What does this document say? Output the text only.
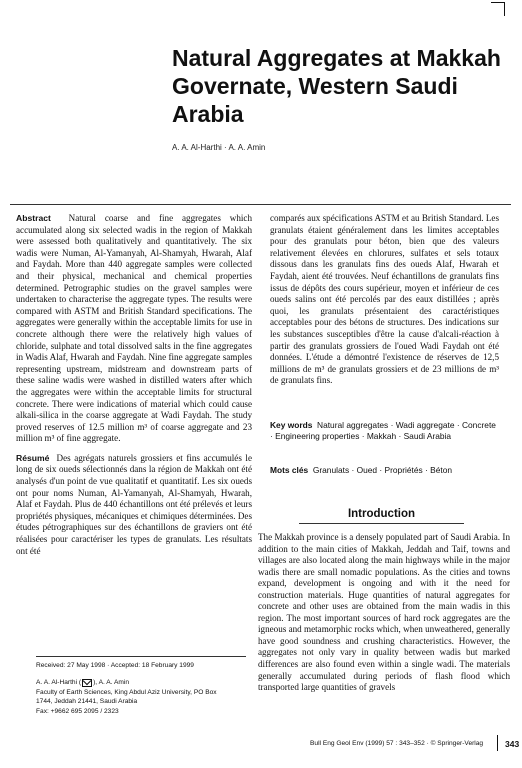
Natural Aggregates at Makkah Governate, Western Saudi Arabia
A. A. Al-Harthi · A. A. Amin

Abstract Natural coarse and fine aggregates which accumulated along six selected wadis in the region of Makkah were assessed both qualitatively and quantitatively. The six wadis were Numan, Al-Yamanyah, Al-Shamyah, Hwarah, Alaf and Faydah. More than 440 aggregate samples were collected and their physical, mechanical and chemical properties determined. Petrographic studies on the gravel samples were undertaken to characterise the aggregate types. The results were compared with ASTM and British Standard specifications. The aggregates were generally within the acceptable limits for use in concrete although there were the relatively high values of chloride, sulphate and total dissolved salts in the fine aggregates in Wadis Alaf, Hwarah and Faydah. Nine fine aggregate samples representing upstream, midstream and downstream parts of these saline wadis were washed in distilled waters after which the aggregates were within the acceptable limits for structural concrete. There were indications of material which could cause alkali-silica in the coarse aggregate at Wadi Faydah. The study proved reserves of 12.5 million m³ of coarse aggregate and 23 million m³ of fine aggregate.

Résumé Des agrégats naturels grossiers et fins accumulés le long de six oueds sélectionnés dans la région de Makkah ont été analysés d'un point de vue qualitatif et quantitatif. Les six oueds ont pour noms Numan, Al-Yamanyah, Al-Shamyah, Hwarah, Alaf et Faydah. Plus de 440 échantillons ont été prélevés et leurs propriétés physiques, mécaniques et chimiques déterminées. Des études pétrographiques sur des échantillons de graviers ont été réalisées pour caractériser les types de granulats. Les résultats ont été

comparés aux spécifications ASTM et au British Standard. Les granulats étaient généralement dans les limites acceptables pour des granulats pour béton, bien que des valeurs relativement élevées en chlorures, sulfates et sels totaux dissous dans les granulats fins des oueds Alaf, Hwarah et Faydah, aient été trouvées. Neuf échantillons de granulats fins issus de dépôts des cours supérieur, moyen et inférieur de ces oueds salins ont été percolés par des eaux distillées ; après quoi, les granulats présentaient des caractéristiques acceptables pour des bétons de structures. Des indications sur les substances susceptibles d'être la cause d'alcali-réaction à partir des granulats grossiers de l'oued Wadi Faydah ont été données. L'étude a démontré l'existence de réserves de 12,5 millions de m³ de granulats grossiers et de 23 millions de m³ de granulats fins.

Key words Natural aggregates · Wadi aggregate · Concrete · Engineering properties · Makkah · Saudi Arabia
Mots clés Granulats · Oued · Propriétés · Béton
Introduction

The Makkah province is a densely populated part of Saudi Arabia. In addition to the main cities of Makkah, Jeddah and Taif, towns and villages are also located along the main highways while in the major wadis there are small nomadic populations. As the cities and towns expand, development is ongoing and with it the need for construction materials. Huge quantities of natural aggregates for concrete and other uses are obtained from the main wadis in this region. The most important sources of hard rock aggregates are the igneous and metamorphic rocks which, when unweathered, generally have good soundness and crushing characteristics. However, the aggregates not only vary in quality between wadis but marked differences are also found even within a single wadi. The materials generally accumulated during periods of flash flood which transported large quantities of gravels

Received: 27 May 1998 · Accepted: 18 February 1999
A. A. Al-Harthi ( ), A. A. Amin
Faculty of Earth Sciences, King Abdul Aziz University, PO Box
1744, Jeddah 21441, Saudi Arabia
Fax: +9662 695 2095 / 2323
Bull Eng Geol Env (1999) 57 : 343–352 · © Springer-Verlag	343
